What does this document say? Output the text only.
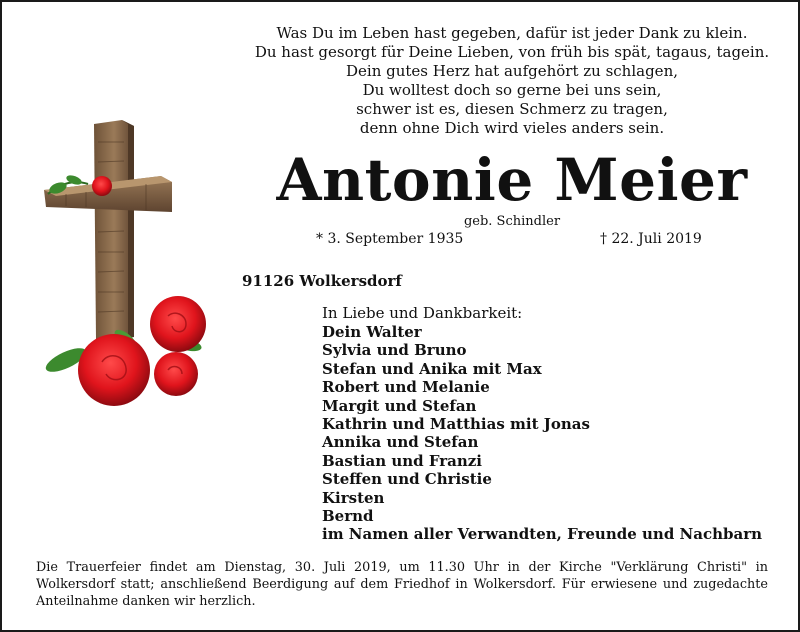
Was Du im Leben hast gegeben, dafür ist jeder Dank zu klein.
Du hast gesorgt für Deine Lieben, von früh bis spät, tagaus, tagein.
Dein gutes Herz hat aufgehört zu schlagen,
Du wolltest doch so gerne bei uns sein,
schwer ist es, diesen Schmerz zu tragen,
denn ohne Dich wird vieles anders sein.
Antonie Meier
geb. Schindler
* 3. September 1935	† 22. Juli 2019
91126 Wolkersdorf
In Liebe und Dankbarkeit:
Dein Walter
Sylvia und Bruno
Stefan und Anika mit Max
Robert und Melanie
Margit und Stefan
Kathrin und Matthias mit Jonas
Annika und Stefan
Bastian und Franzi
Steffen und Christie
Kirsten
Bernd
im Namen aller Verwandten, Freunde und Nachbarn
Die Trauerfeier findet am Dienstag, 30. Juli 2019, um 11.30 Uhr in der Kirche "Verklärung Christi" in Wolkersdorf statt; anschließend Beerdigung auf dem Friedhof in Wolkersdorf. Für erwiesene und zugedachte Anteilnahme danken wir herzlich.
